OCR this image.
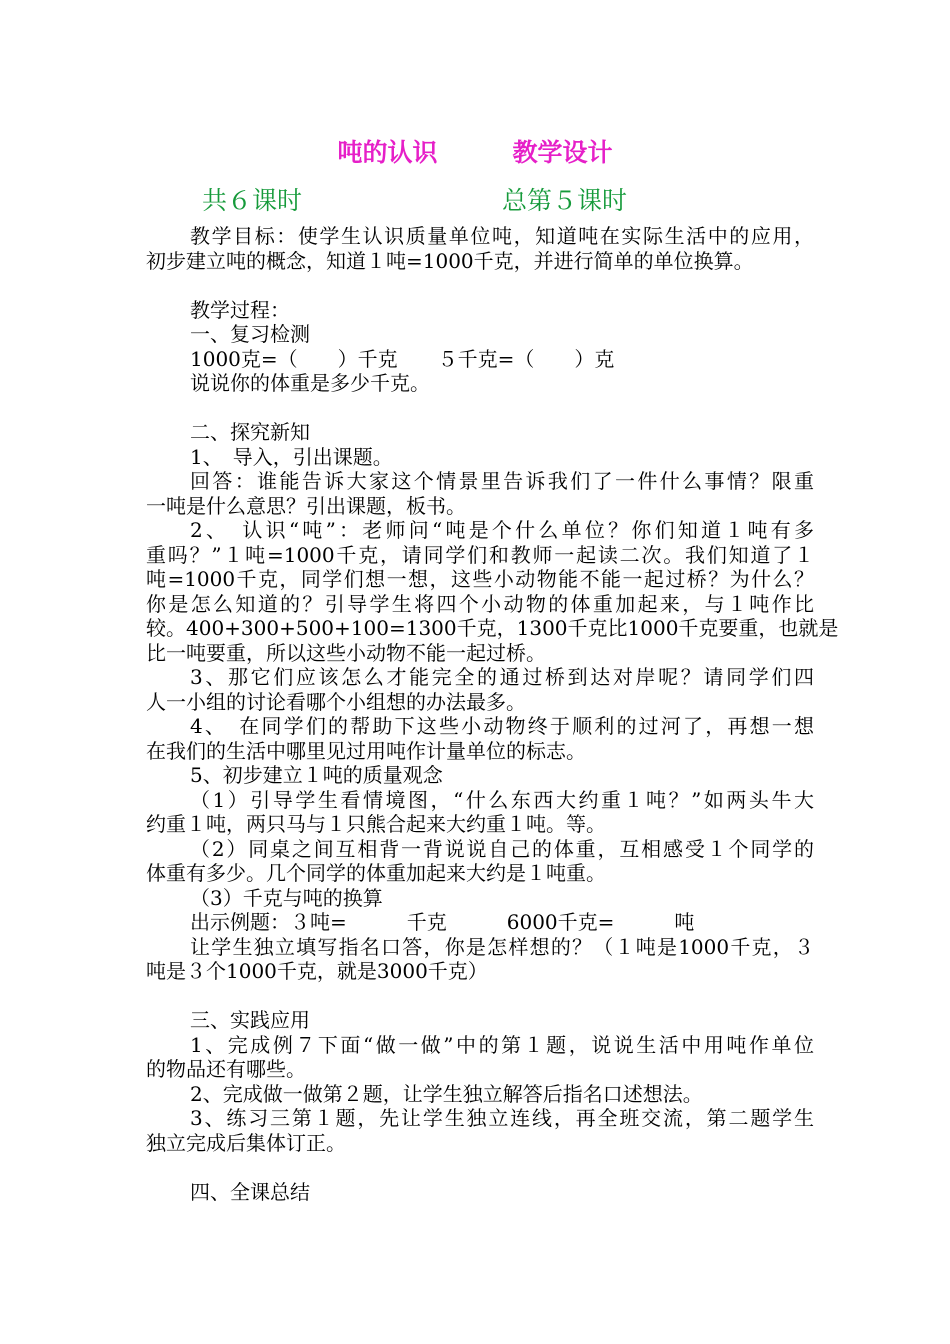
吨的认识　　　教学设计
共６课时　　　　　　　　总第５课时
教学目标：使学生认识质量单位吨，知道吨在实际生活中的应用，
初步建立吨的概念，知道１吨=1000千克，并进行简单的单位换算。
教学过程：
一、复习检测
1000克=（　　）千克　　５千克=（　　）克
说说你的体重是多少千克。
二、探究新知
1、　导入，引出课题。
回答：谁能告诉大家这个情景里告诉我们了一件什么事情？限重
一吨是什么意思？引出课题，板书。
2、　认识“吨”：老师问“吨是个什么单位？你们知道１吨有多
重吗？”１吨=1000千克，请同学们和教师一起读二次。我们知道了１
吨=1000千克，同学们想一想，这些小动物能不能一起过桥？为什么？
你是怎么知道的？引导学生将四个小动物的体重加起来，与１吨作比
较。400+300+500+100=1300千克，1300千克比1000千克要重，也就是
比一吨要重，所以这些小动物不能一起过桥。
3、那它们应该怎么才能完全的通过桥到达对岸呢？请同学们四
人一小组的讨论看哪个小组想的办法最多。
4、　在同学们的帮助下这些小动物终于顺利的过河了，再想一想
在我们的生活中哪里见过用吨作计量单位的标志。
5、初步建立１吨的质量观念
（1）引导学生看情境图，“什么东西大约重１吨？”如两头牛大
约重１吨，两只马与１只熊合起来大约重１吨。等。
（2）同桌之间互相背一背说说自己的体重，互相感受１个同学的
体重有多少。几个同学的体重加起来大约是１吨重。
（3）千克与吨的换算
出示例题：３吨=　　　千克　　　6000千克=　　　吨
让学生独立填写指名口答，你是怎样想的？（１吨是1000千克，３
吨是３个1000千克，就是3000千克）
三、实践应用
1、完成例７下面“做一做”中的第１题，说说生活中用吨作单位
的物品还有哪些。
2、完成做一做第２题，让学生独立解答后指名口述想法。
3、练习三第１题，先让学生独立连线，再全班交流，第二题学生
独立完成后集体订正。
四、全课总结
